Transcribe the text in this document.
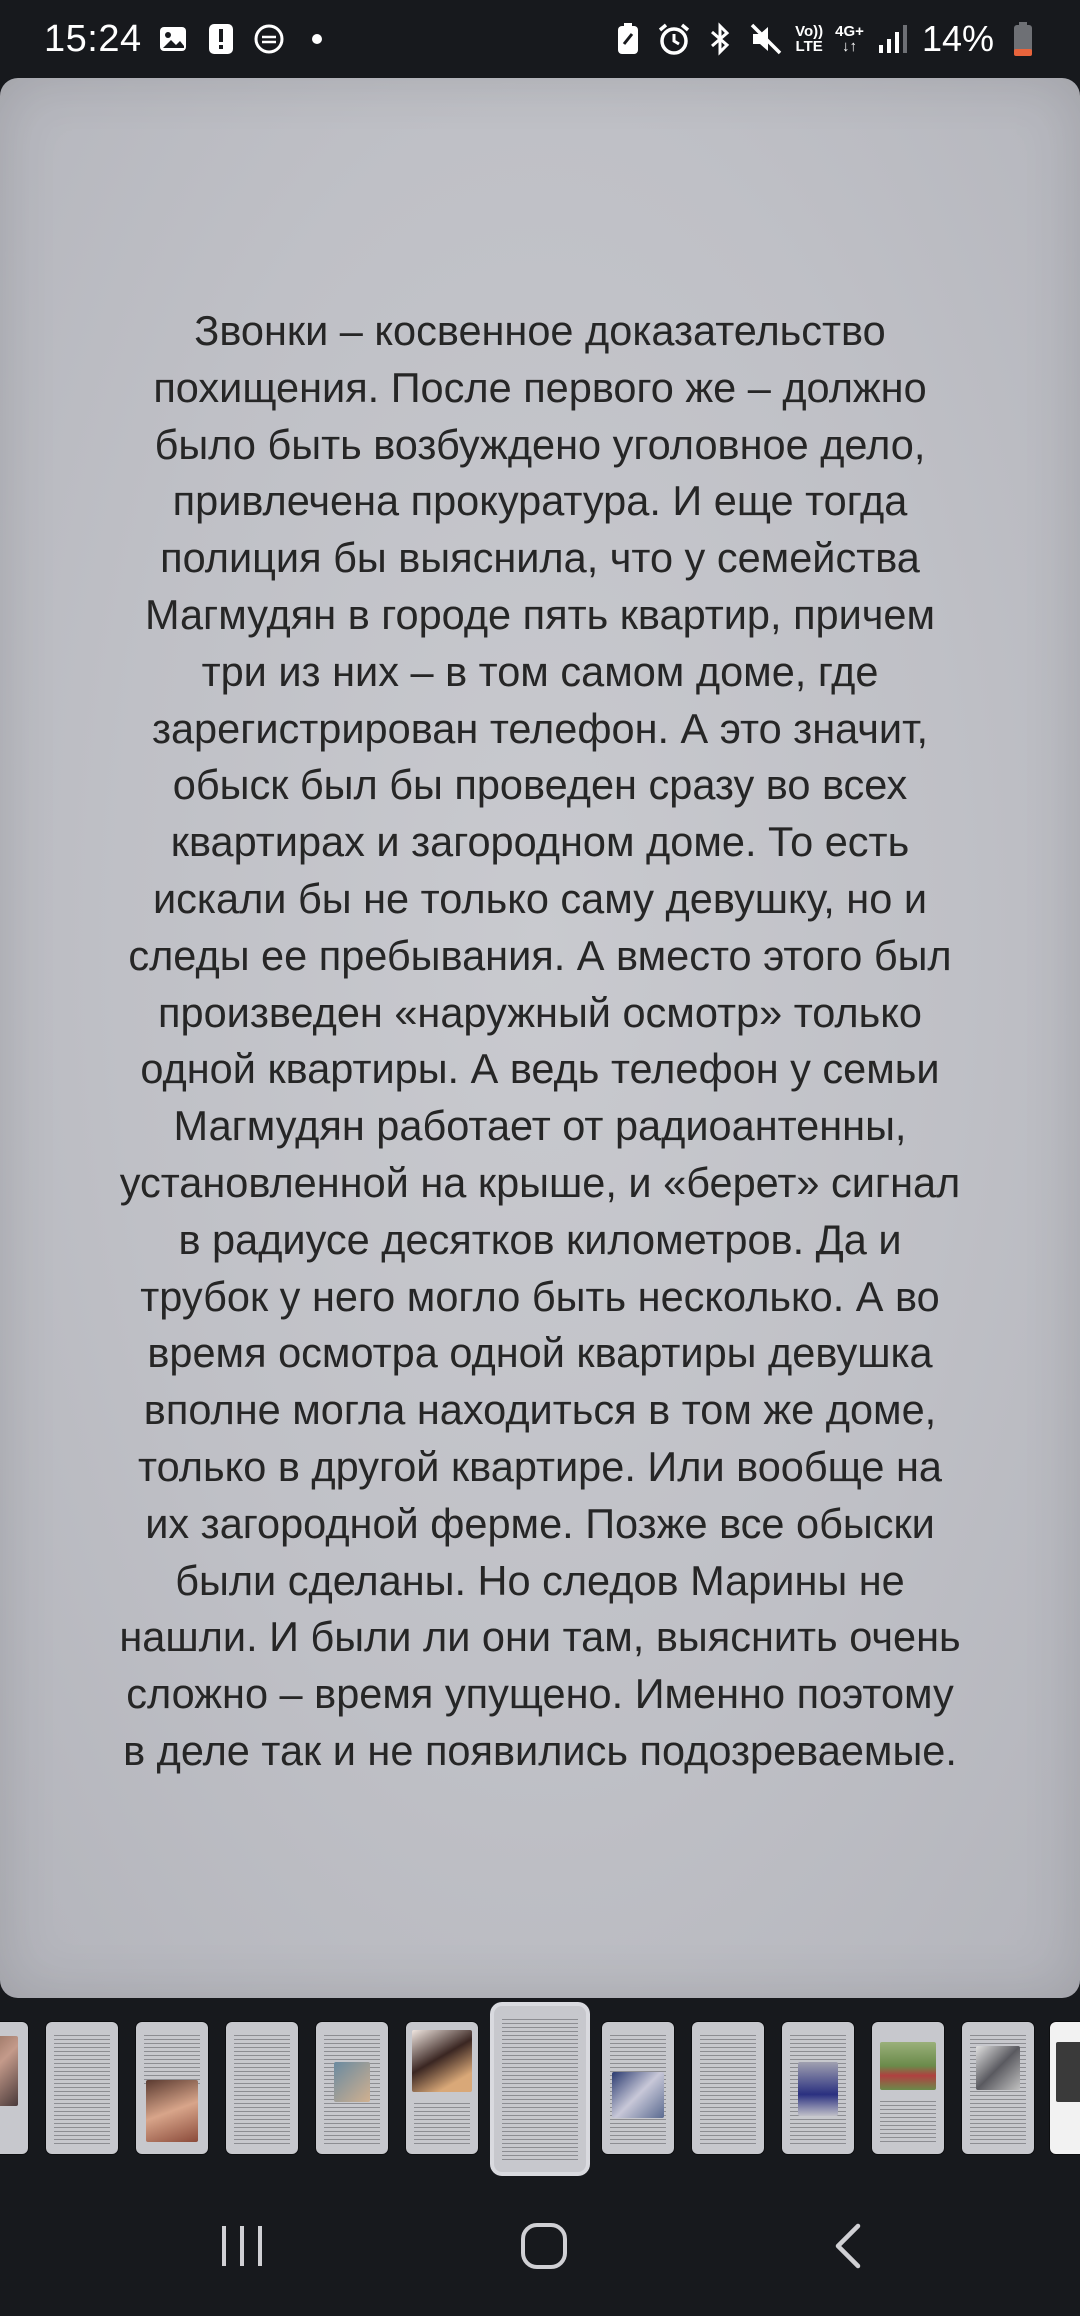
15:24	Vo))
LTE
4G+
↓↑ 14%
Звонки – косвенное доказательство
похищения. После первого же – должно
было быть возбуждено уголовное дело,
привлечена прокуратура. И еще тогда
полиция бы выяснила, что у семейства
Магмудян в городе пять квартир, причем
три из них – в том самом доме, где
зарегистрирован телефон. А это значит,
обыск был бы проведен сразу во всех
квартирах и загородном доме. То есть
искали бы не только саму девушку, но и
следы ее пребывания. А вместо этого был
произведен «наружный осмотр» только
одной квартиры. А ведь телефон у семьи
Магмудян работает от радиоантенны,
установленной на крыше, и «берет» сигнал
в радиусе десятков километров. Да и
трубок у него могло быть несколько. А во
время осмотра одной квартиры девушка
вполне могла находиться в том же доме,
только в другой квартире. Или вообще на
их загородной ферме. Позже все обыски
были сделаны. Но следов Марины не
нашли. И были ли они там, выяснить очень
сложно – время упущено. Именно поэтому
в деле так и не появились подозреваемые.
